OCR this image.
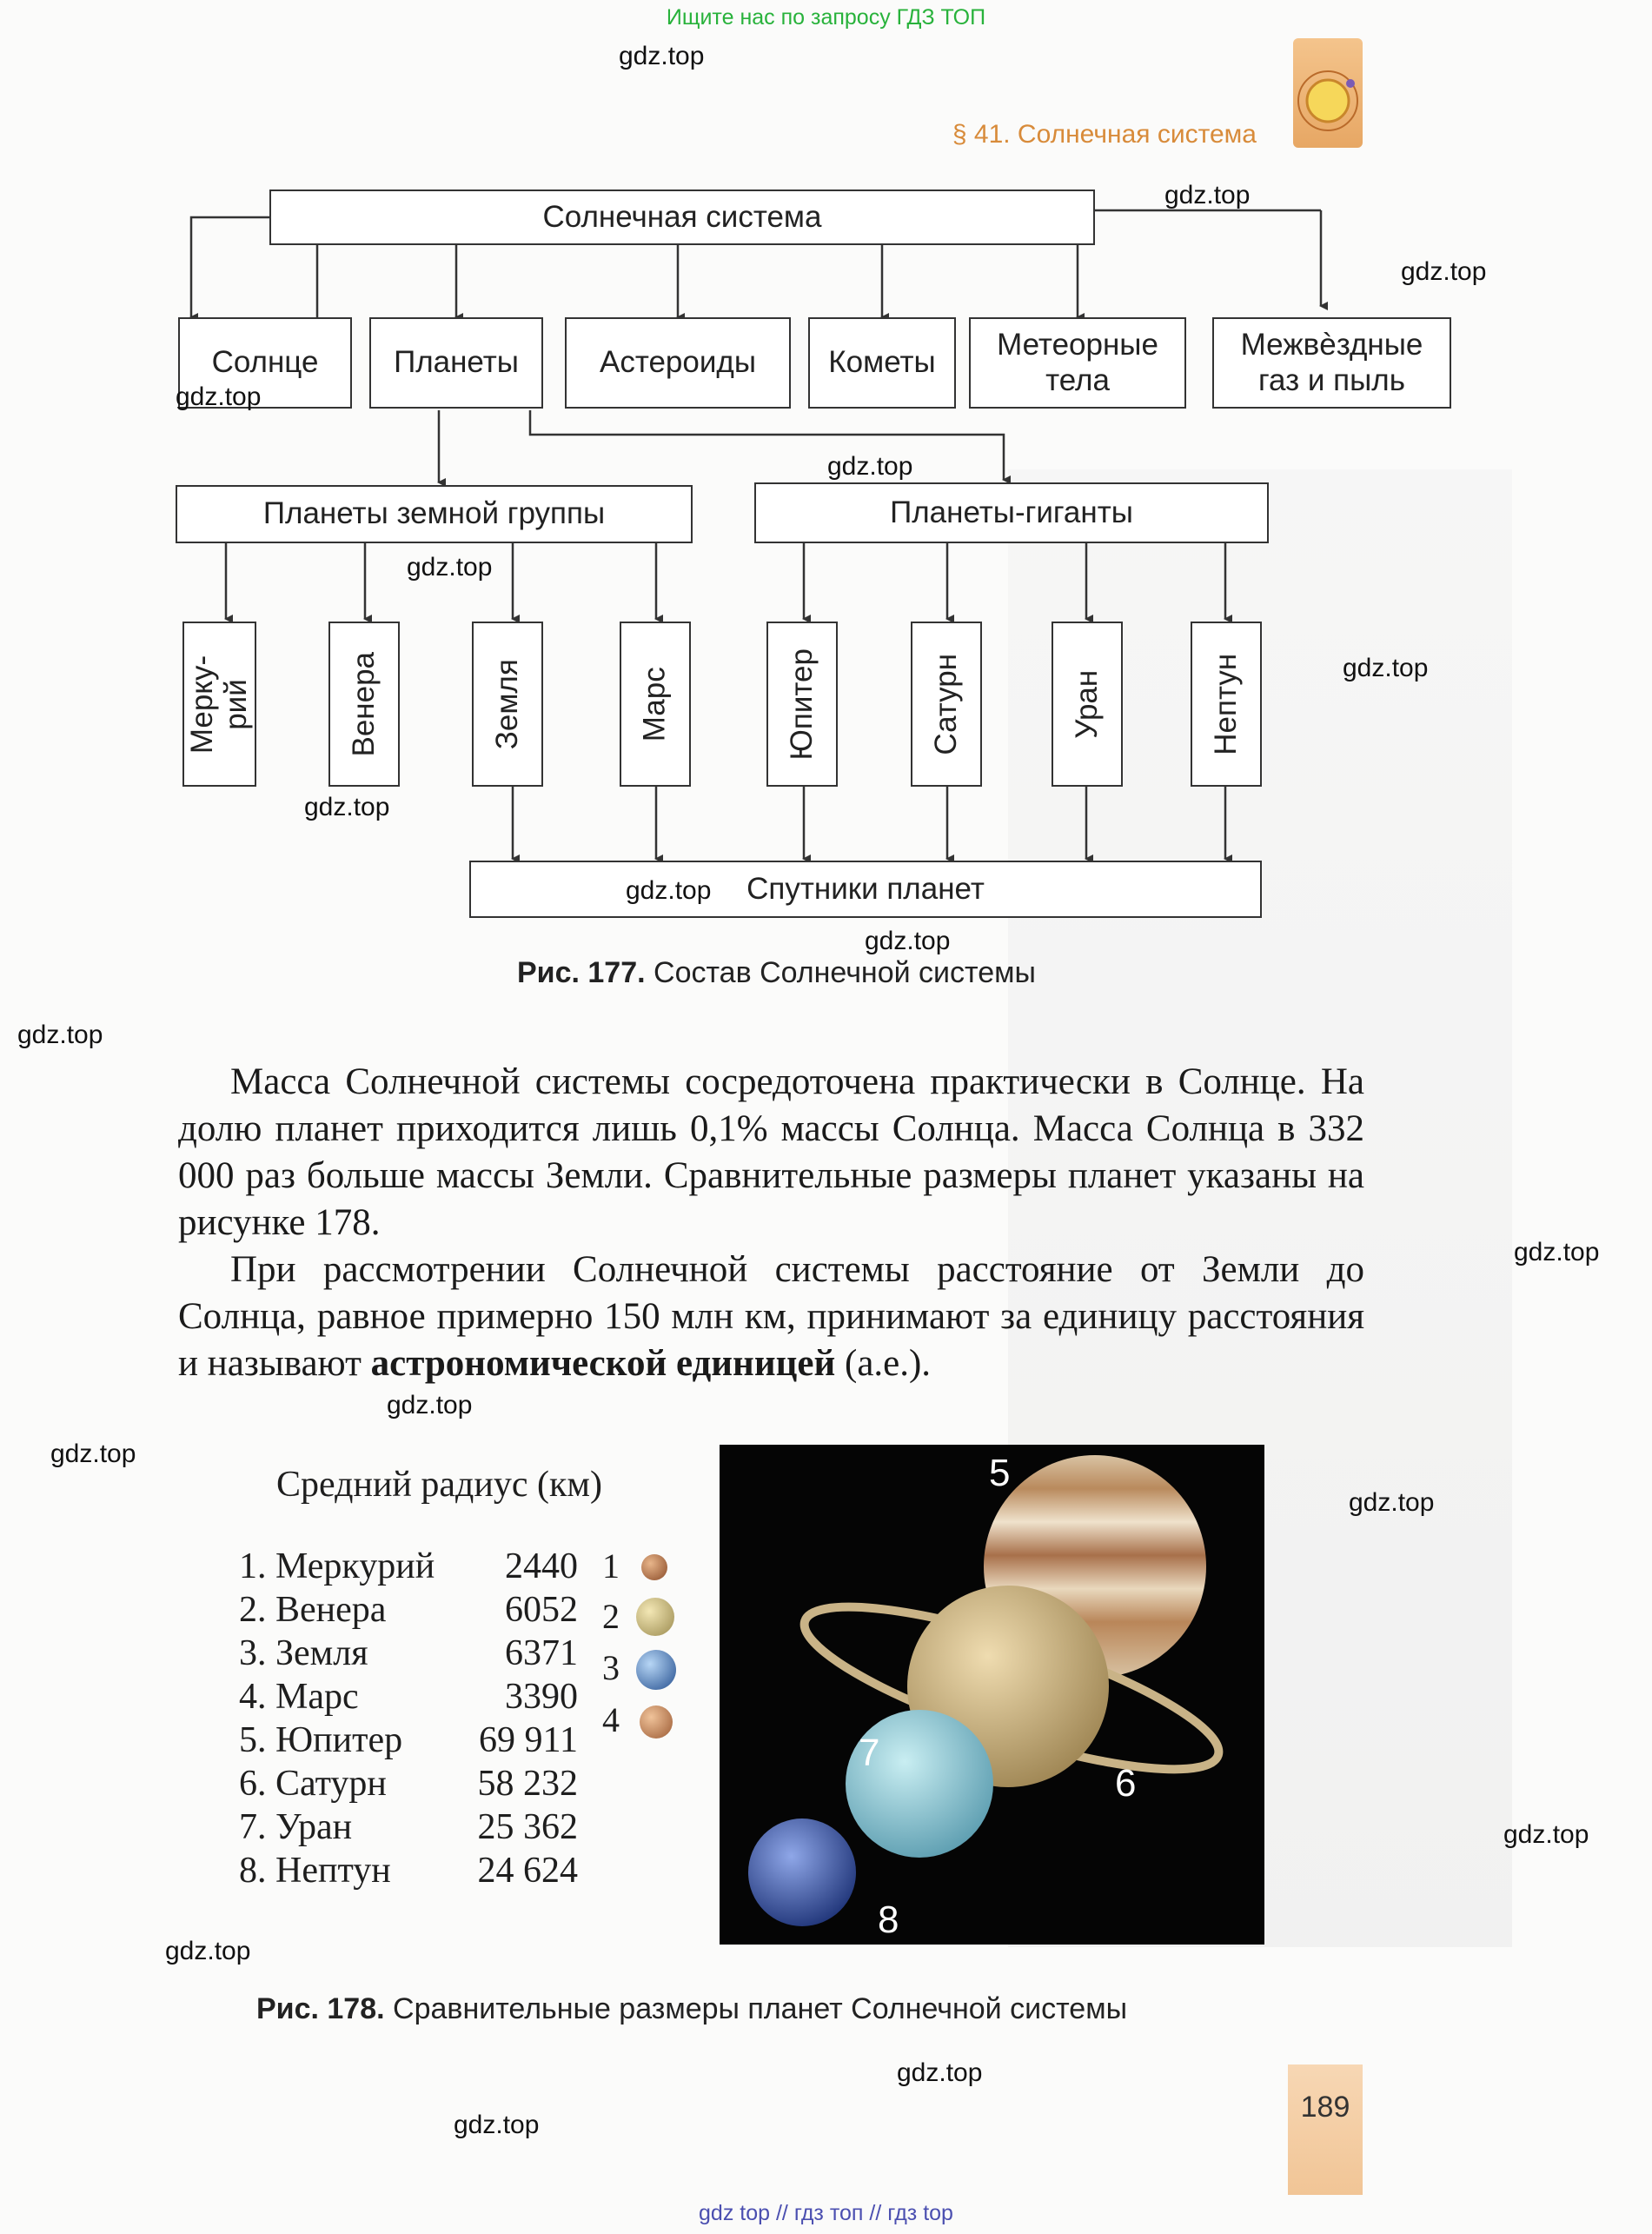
Ищите нас по запросу ГДЗ ТОП
§ 41. Солнечная система
Солнечная система
Солнце	Планеты	Астероиды	Кометы
Метеорные тела
Межвѐздные газ и пыль
Планеты земной группы	Планеты-гиганты
Мерку-рий	Венера	Земля	Марс	Юпитер	Сатурн	Уран	Нептун
Спутники планет
Рис. 177. Состав Солнечной системы

Масса Солнечной системы сосредоточена практически в Солнце. На долю планет приходится лишь 0,1% массы Солнца. Масса Солнца в 332 000 раз больше массы Земли. Сравнительные размеры планет указаны на рисунке 178.

При рассмотрении Солнечной системы расстояние от Земли до Солнца, равное примерно 150 млн км, принимают за единицу расстояния и называют астрономической единицей (а.е.).

Средний радиус (км)
1. Меркурий 2440
2. Венера	6052
3. Земля	6371
4. Марс	3390
5. Юпитер 69 911
6. Сатурн 58 232
7. Уран	25 362
8. Нептун 24 624
1
2
3
4
5
6
7
8
Рис. 178. Сравнительные размеры планет Солнечной системы
189
gdz.top
gdz.top
gdz.top
gdz.top
gdz.top
gdz.top
gdz.top
gdz.top
gdz.top
gdz.top
gdz.top
gdz.top
gdz.top
gdz.top
gdz.top
gdz.top
gdz.top
gdz.top
gdz.top
gdz top // гдз топ // гдз top
